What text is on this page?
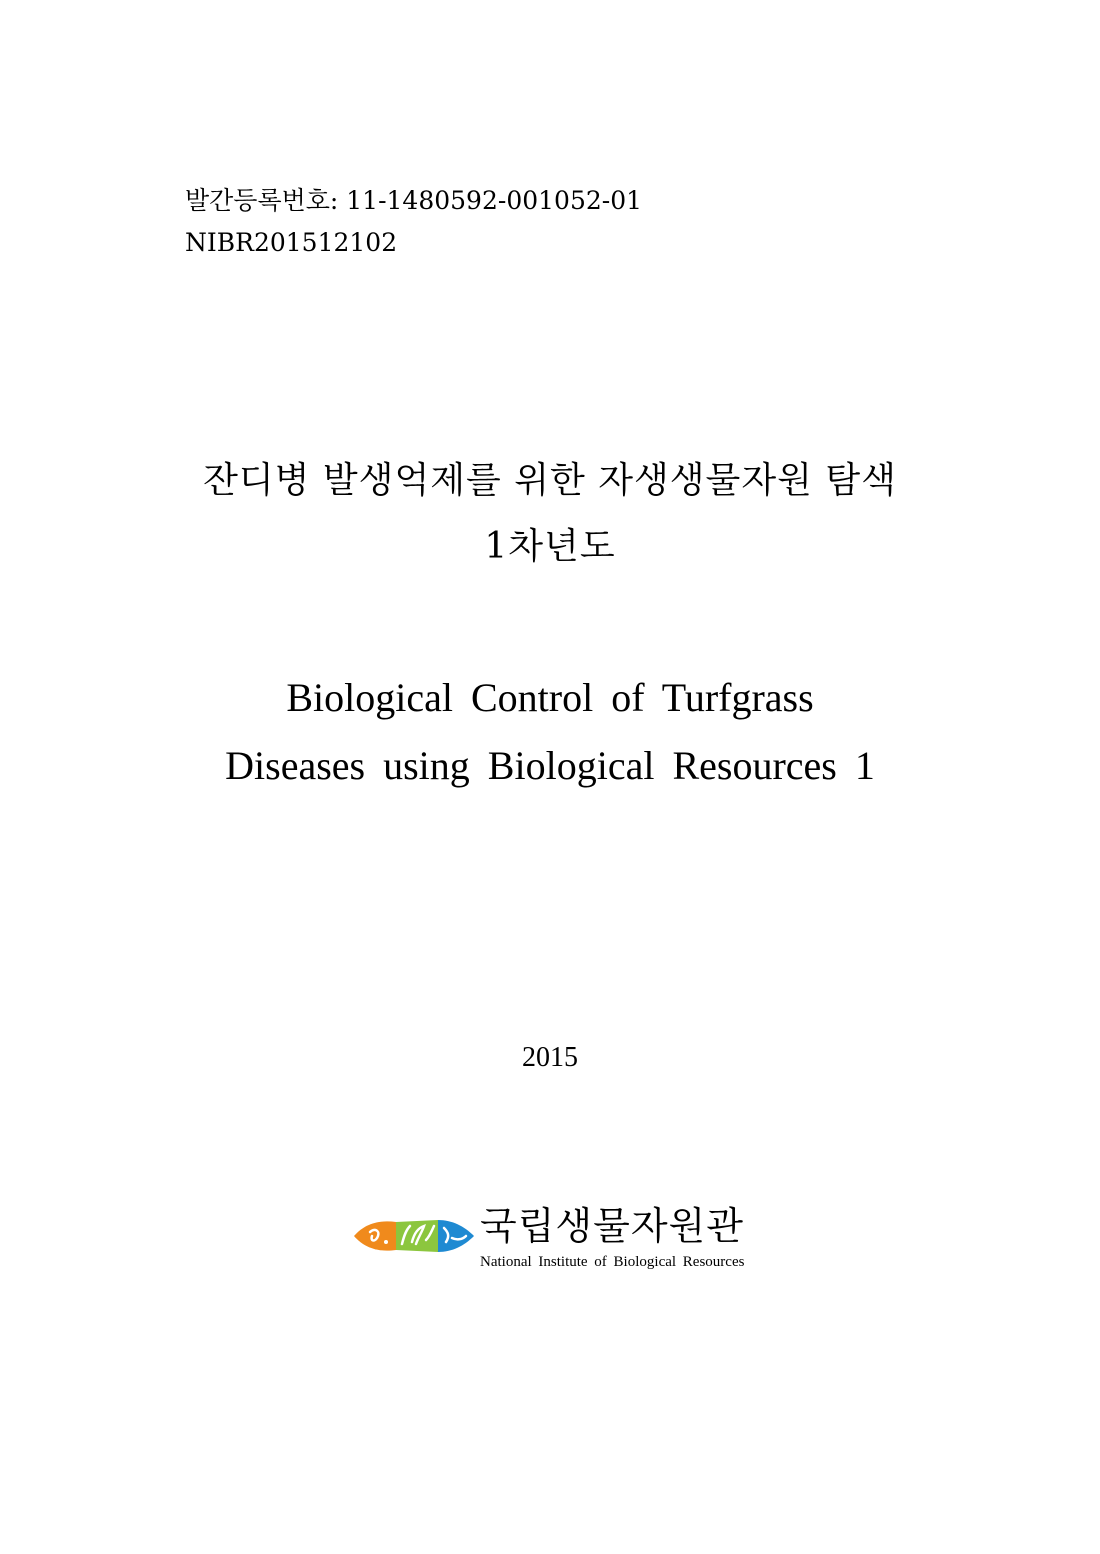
발간등록번호: 11-1480592-001052-01
NIBR201512102
잔디병 발생억제를 위한 자생생물자원 탐색
1차년도
Biological Control of Turfgrass
Diseases using Biological Resources 1
2015
국립생물자원관
National Institute of Biological Resources
